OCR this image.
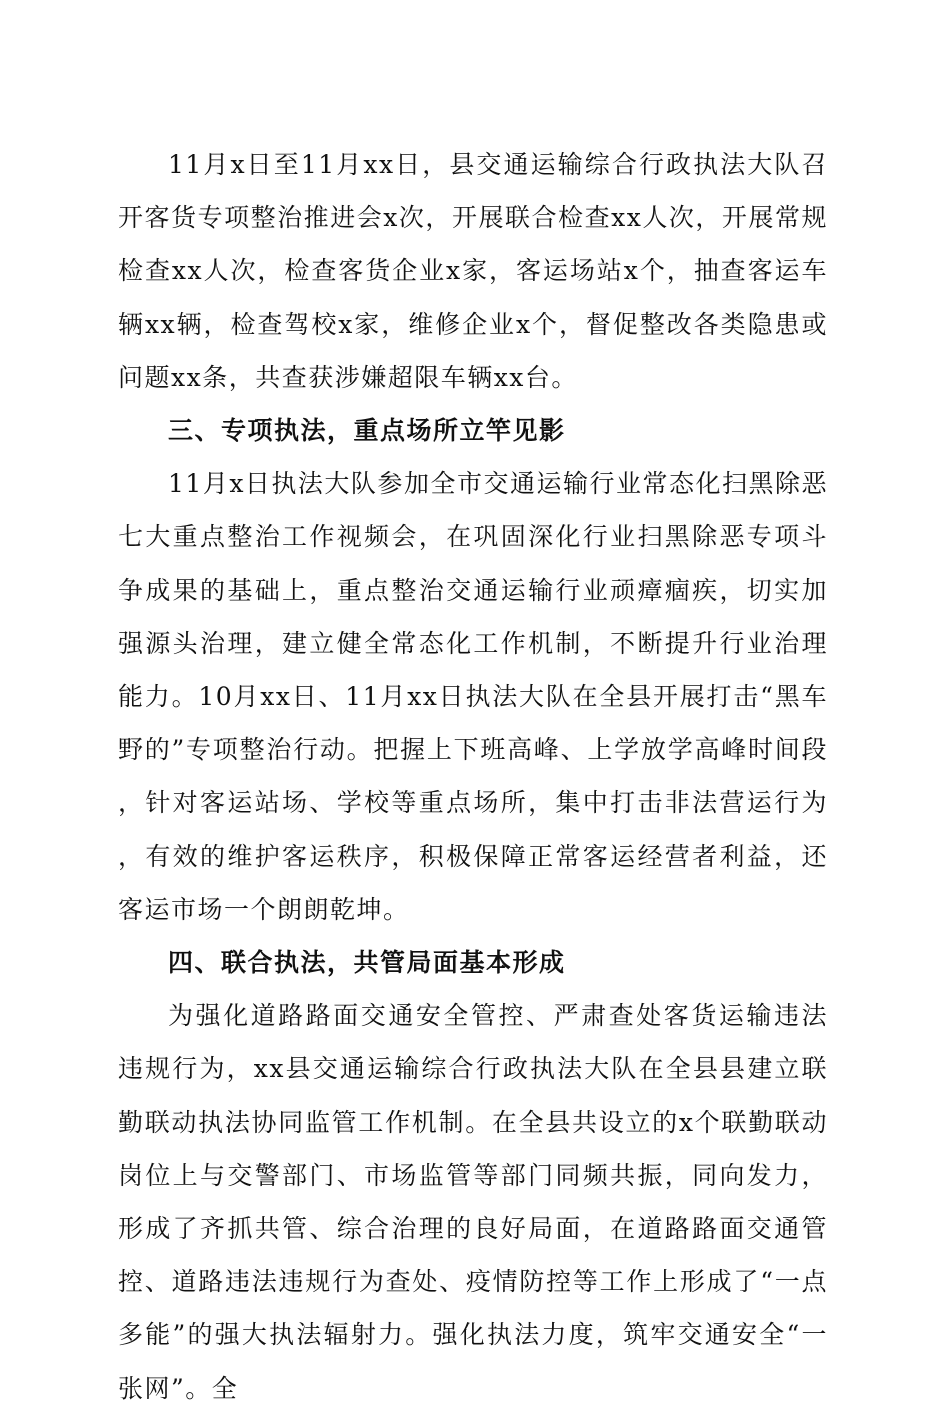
11月x日至11月xx日，县交通运输综合行政执法大队召开客货专项整治推进会x次，开展联合检查xx人次，开展常规检查xx人次，检查客货企业x家，客运场站x个，抽查客运车辆xx辆，检查驾校x家，维修企业x个，督促整改各类隐患或问题xx条，共查获涉嫌超限车辆xx台。

三、专项执法，重点场所立竿见影

11月x日执法大队参加全市交通运输行业常态化扫黑除恶七大重点整治工作视频会，在巩固深化行业扫黑除恶专项斗争成果的基础上，重点整治交通运输行业顽瘴痼疾，切实加强源头治理，建立健全常态化工作机制，不断提升行业治理能力。10月xx日、11月xx日执法大队在全县开展打击“黑车野的”专项整治行动。把握上下班高峰、上学放学高峰时间段，针对客运站场、学校等重点场所，集中打击非法营运行为，有效的维护客运秩序，积极保障正常客运经营者利益，还客运市场一个朗朗乾坤。

四、联合执法，共管局面基本形成

为强化道路路面交通安全管控、严肃查处客货运输违法违规行为，xx县交通运输综合行政执法大队在全县县建立联勤联动执法协同监管工作机制。在全县共设立的x个联勤联动岗位上与交警部门、市场监管等部门同频共振，同向发力，形成了齐抓共管、综合治理的良好局面，在道路路面交通管控、道路违法违规行为查处、疫情防控等工作上形成了“一点多能”的强大执法辐射力。强化执法力度，筑牢交通安全“一张网”。全
